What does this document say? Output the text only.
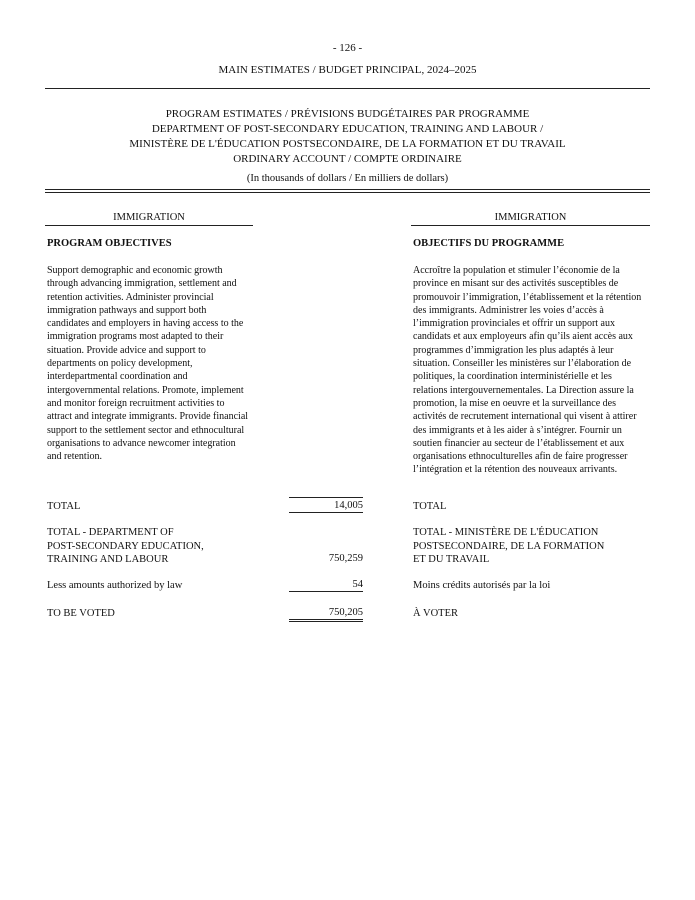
- 126 -
MAIN ESTIMATES / BUDGET PRINCIPAL, 2024–2025
PROGRAM ESTIMATES / PRÉVISIONS BUDGÉTAIRES PAR PROGRAMME
DEPARTMENT OF POST-SECONDARY EDUCATION, TRAINING AND LABOUR /
MINISTÈRE DE L'ÉDUCATION POSTSECONDAIRE, DE LA FORMATION ET DU TRAVAIL
ORDINARY ACCOUNT / COMPTE ORDINAIRE
(In thousands of dollars / En milliers de dollars)
IMMIGRATION
PROGRAM OBJECTIVES
Support demographic and economic growth
through advancing immigration, settlement and
retention activities. Administer provincial
immigration pathways and support both
candidates and employers in having access to the
immigration programs most adapted to their
situation. Provide advice and support to
departments on policy development,
interdepartmental coordination and
intergovernmental relations. Promote, implement
and monitor foreign recruitment activities to
attract and integrate immigrants. Provide financial
support to the settlement sector and ethnocultural
organisations to advance newcomer integration
and retention.
IMMIGRATION
OBJECTIFS DU PROGRAMME
Accroître la population et stimuler l’économie de la
province en misant sur des activités susceptibles de
promouvoir l’immigration, l’établissement et la rétention
des immigrants. Administrer les voies d’accès à
l’immigration provinciales et offrir un support aux
candidats et aux employeurs afin qu’ils aient accès aux
programmes d’immigration les plus adaptés à leur
situation. Conseiller les ministères sur l’élaboration de
politiques, la coordination interministérielle et les
relations intergouvernementales. La Direction assure la
promotion, la mise en oeuvre et la surveillance des
activités de recrutement international qui visent à attirer
des immigrants et à les aider à s’intégrer. Fournir un
soutien financier au secteur de l’établissement et aux
organisations ethnoculturelles afin de faire progresser
l’intégration et la rétention des nouveaux arrivants.
TOTAL	14,005	TOTAL
TOTAL - DEPARTMENT OF
POST-SECONDARY EDUCATION,
TRAINING AND LABOUR	750,259
TOTAL - MINISTÈRE DE L'ÉDUCATION
POSTSECONDAIRE, DE LA FORMATION
ET DU TRAVAIL
Less amounts authorized by law	54	Moins crédits autorisés par la loi
TO BE VOTED	750,205	À VOTER
